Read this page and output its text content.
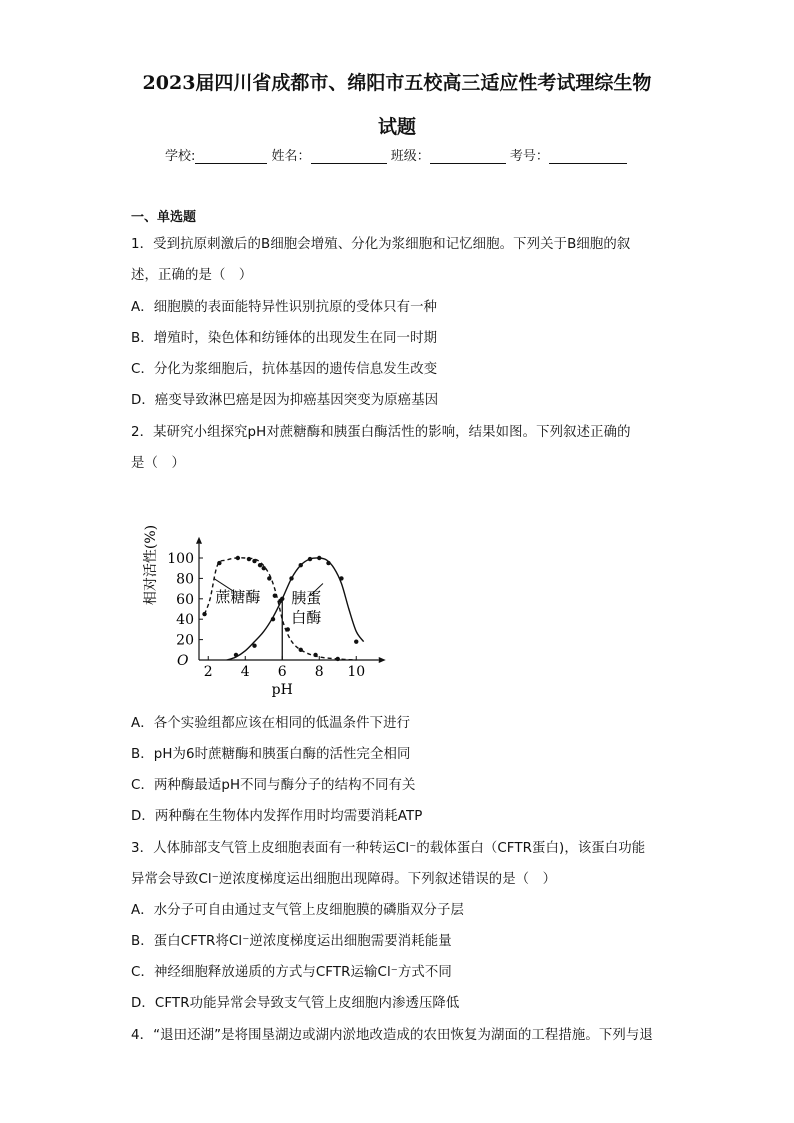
2023届四川省成都市、绵阳市五校高三适应性考试理综生物
试题
学校:	姓名：	班级：	考号：
一、单选题
1．受到抗原刺激后的B细胞会增殖、分化为浆细胞和记忆细胞。下列关于B细胞的叙
述，正确的是（　）
A．细胞膜的表面能特异性识别抗原的受体只有一种
B．增殖时，染色体和纺锤体的出现发生在同一时期
C．分化为浆细胞后，抗体基因的遗传信息发生改变
D．癌变导致淋巴癌是因为抑癌基因突变为原癌基因
2．某研究小组探究pH对蔗糖酶和胰蛋白酶活性的影响，结果如图。下列叙述正确的
是（　）
2 4 6 8 10
20
40
60
80
100
O
pH
相对活性(%)	蔗糖酶 胰蛋
白酶
A．各个实验组都应该在相同的低温条件下进行
B．pH为6时蔗糖酶和胰蛋白酶的活性完全相同
C．两种酶最适pH不同与酶分子的结构不同有关
D．两种酶在生物体内发挥作用时均需要消耗ATP
3．人体肺部支气管上皮细胞表面有一种转运Cl⁻的载体蛋白（CFTR蛋白)，该蛋白功能
异常会导致Cl⁻逆浓度梯度运出细胞出现障碍。下列叙述错误的是（　）
A．水分子可自由通过支气管上皮细胞膜的磷脂双分子层
B．蛋白CFTR将Cl⁻逆浓度梯度运出细胞需要消耗能量
C．神经细胞释放递质的方式与CFTR运输Cl⁻方式不同
D．CFTR功能异常会导致支气管上皮细胞内渗透压降低
4．“退田还湖”是将围垦湖边或湖内淤地改造成的农田恢复为湖面的工程措施。下列与退
